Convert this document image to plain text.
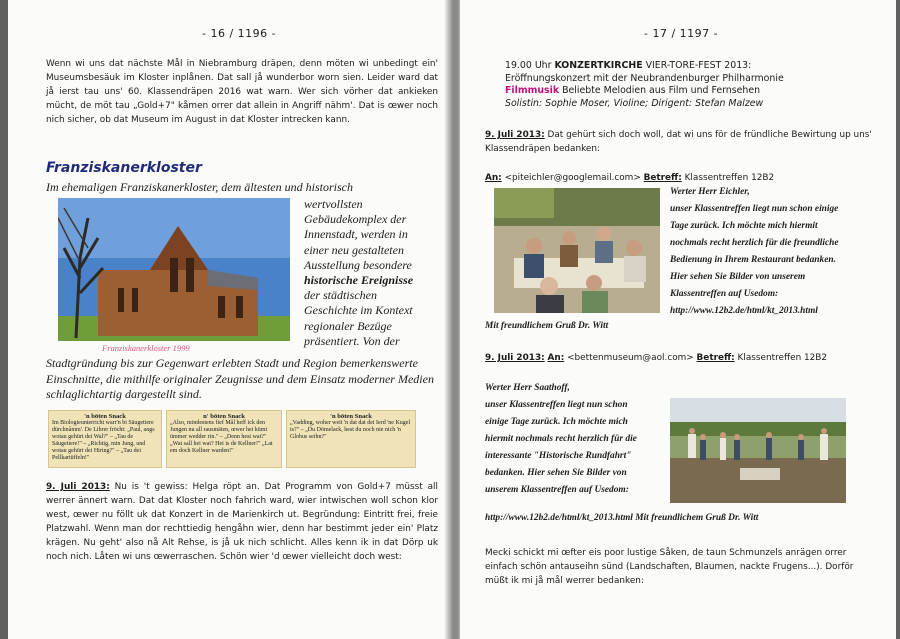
- 16 / 1196 -

Wenn wi uns dat nächste Mål in Niebramburg dräpen, denn möten wi unbedingt ein' Museumsbesäuk im Kloster inplånen. Dat sall jå wunderbor worn sien. Leider ward dat jå ierst tau uns' 60. Klassendräpen 2016 wat warn. Wer sich vörher dat ankieken mücht, de möt tau „Gold+7" kåmen orrer dat allein in Angriff nähm'. Dat is œwer noch nich sicher, ob dat Museum im August in dat Kloster intrecken kann.

Franziskanerkloster
Im ehemaligen Franziskanerkloster, dem ältesten und historisch
Franziskanerkloster 1999
wertvollsten
Gebäudekomplex der
Innenstadt, werden in
einer neu gestalteten
Ausstellung besondere
historische Ereignisse
der städtischen
Geschichte im Kontext
regionaler Bezüge
präsentiert. Von der
Stadtgründung bis zur Gegenwart erlebten Stadt und Region bemerkenswerte Einschnitte, die mithilfe originaler Zeugnisse und dem Einsatz moderner Medien schlaglichtartig dargestellt sind.
'n böten Snack
Im Biologieunterricht warr'n bi Säugetiere dürchnåmm'. De Lihrer fröcht: „Paul, angs wotau gehürt dei Wal?" – „Tau de Säugetiere!" – „Richtig, min Jung, und wotau gehürt dei Hiring?" – „Tau dei Pellkartüffeln!"
n' böten Snack
„Also, mindestens fief Mål heff ick den Jungen nu all rausmäten, œwer hei kümt ümmer wedder rin." – „Denn hest wat?" „Wat sall hei wat? Hei is de Kellner!" „Lat em doch Kellner warden!"
'n böten Snack
„Vadding, woher weit 'n dat dat dei Ierd 'ne Kugel is?" – „Du Dömelack, hest du noch nie nich 'n Globus seihn?"

9. Juli 2013: Nu is 't gewiss: Helga röpt an. Dat Programm von Gold+7 müsst all werrer ännert warn. Dat dat Kloster noch fahrich ward, wier intwischen woll schon klor west, œwer nu föllt uk dat Konzert in de Marienkirch ut. Begründung: Eintritt frei, freie Platzwahl. Wenn man dor rechttiedig hengåhn wier, denn har bestimmt jeder ein' Platz krägen. Nu geht' also nå Alt Rehse, is jå uk nich schlicht. Alles kenn ik in dat Dörp uk noch nich. Låten wi uns œwerraschen. Schön wier 'd œwer vielleicht doch west:

- 17 / 1197 -
19.00 Uhr KONZERTKIRCHE VIER-TORE-FEST 2013:
Eröffnungskonzert mit der Neubrandenburger Philharmonie
Filmmusik Beliebte Melodien aus Film und Fernsehen
Solistin: Sophie Moser, Violine; Dirigent: Stefan Malzew

9. Juli 2013: Dat gehürt sich doch woll, dat wi uns för de fründliche Bewirtung up uns' Klassendräpen bedanken:

An: <piteichler@googlemail.com> Betreff: Klassentreffen 12B2

Werter Herr Eichler,

unser Klassentreffen liegt nun schon einige

Tage zurück. Ich möchte mich hiermit

nochmals recht herzlich für die freundliche

Bedienung in Ihrem Restaurant bedanken.

Hier sehen Sie Bilder von unserem

Klassentreffen auf Usedom:

http://www.12b2.de/html/kt_2013.html

Mit freundlichem Gruß Dr. Witt

9. Juli 2013: An: <bettenmuseum@aol.com> Betreff: Klassentreffen 12B2

Werter Herr Saathoff,

unser Klassentreffen liegt nun schon

einige Tage zurück. Ich möchte mich

hiermit nochmals recht herzlich für die

interessante "Historische Rundfahrt"

bedanken. Hier sehen Sie Bilder von

unserem Klassentreffen auf Usedom:

http://www.12b2.de/html/kt_2013.html Mit freundlichem Gruß Dr. Witt

Mecki schickt mi œfter eis poor lustige Såken, de taun Schmunzels anrägen orrer einfach schön antauseihn sünd (Landschaften, Blaumen, nackte Frugens...). Dorför müßt ik mi jå mål werrer bedanken:
